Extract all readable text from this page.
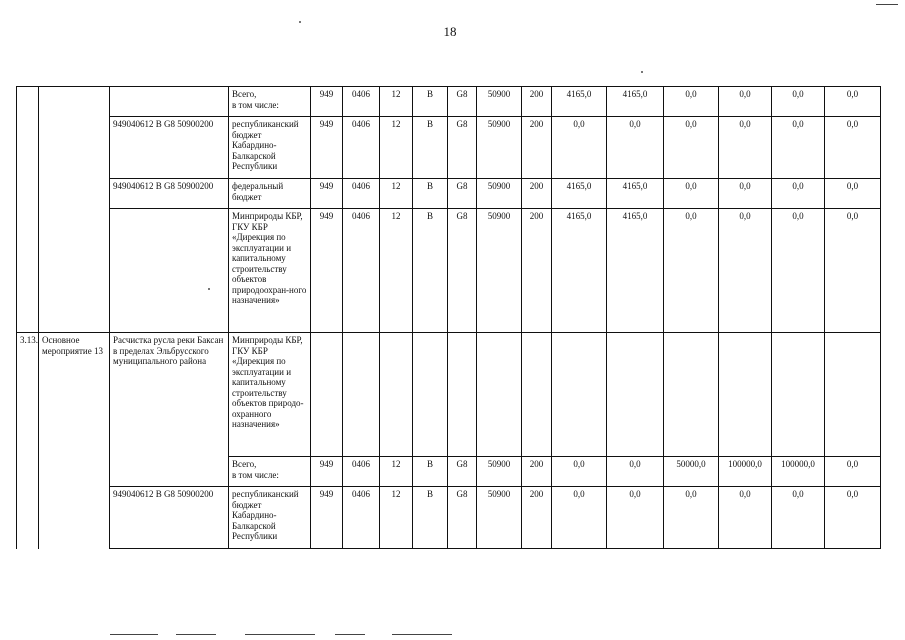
18
			Всего,
в том числе:	949	0406	12	В	G8	50900	200	4165,0	4165,0	0,0	0,0	0,0	0,0
		949040612 В G8 50900200	республиканский бюджет Кабардино-Балкарской Республики	949	0406	12	В	G8	50900	200	0,0	0,0	0,0	0,0	0,0	0,0
		949040612 В G8 50900200	федеральный бюджет	949	0406	12	В	G8	50900	200	4165,0	4165,0	0,0	0,0	0,0	0,0
			Минприроды КБР,
ГКУ КБР «Дирекция по эксплуатации и капитальному строительству объектов природоохран-ного назначения»	949	0406	12	В	G8	50900	200	4165,0	4165,0	0,0	0,0	0,0	0,0
3.13.	Основное мероприятие 13	Расчистка русла реки Баксан в пределах Эльбрусского муниципального района	Минприроды КБР,
ГКУ КБР «Дирекция по эксплуатации и капитальному строительству объектов природо-охранного назначения»													
			Всего,
в том числе:	949	0406	12	В	G8	50900	200	0,0	0,0	50000,0	100000,0	100000,0	0,0
		949040612 В G8 50900200	республиканский бюджет Кабардино-Балкарской Республики	949	0406	12	В	G8	50900	200	0,0	0,0	0,0	0,0	0,0	0,0
